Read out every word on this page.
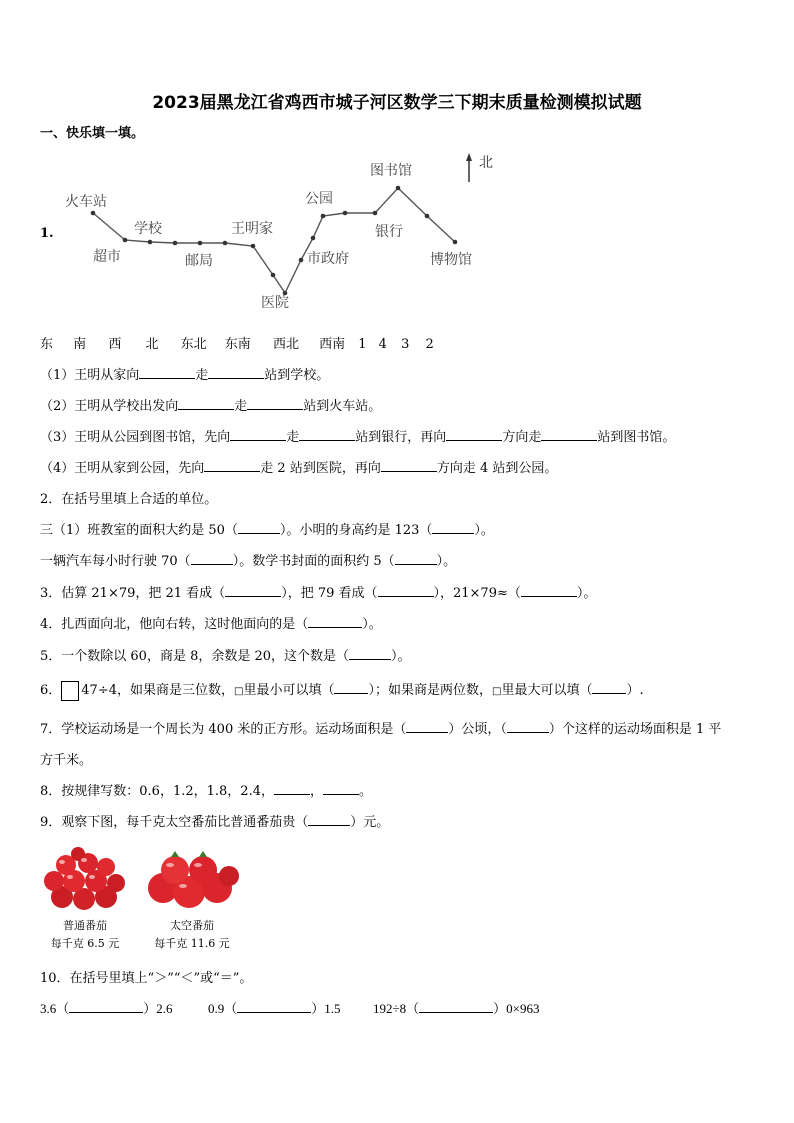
2023届黑龙江省鸡西市城子河区数学三下期末质量检测模拟试题
一、快乐填一填。
1.
火车站
超市
学校
邮局
王明家
医院
市政府
公园
银行
图书馆
博物馆
北
东 南 西 北 东北 东南 西北 西南 1 4 3 2
（1）王明从家向	走	站到学校。
（2）王明从学校出发向	走	站到火车站。
（3）王明从公园到图书馆，先向	走	站到银行，再向	方向走	站到图书馆。
（4）王明从家到公园，先向	走 2 站到医院，再向	方向走 4 站到公园。
2．在括号里填上合适的单位。
三（1）班教室的面积大约是 50（	）。小明的身高约是 123（	）。
一辆汽车每小时行驶 70（	）。数学书封面的面积约 5（	）。
3．估算 21×79，把 21 看成（	），把 79 看成（	），21×79≈（	）。
4．扎西面向北，他向右转，这时他面向的是（	）。
5．一个数除以 60，商是 8，余数是 20，这个数是（	）。
6． 47÷4，如果商是三位数，□里最小可以填（	）；如果商是两位数，□里最大可以填（	）.
7．学校运动场是一个周长为 400 米的正方形。运动场面积是（	）公顷，（	）个这样的运动场面积是 1 平
方千米。
8．按规律写数：0.6，1.2，1.8，2.4，	，	。
9．观察下图，每千克太空番茄比普通番茄贵（	）元。
普通番茄
每千克 6.5 元
太空番茄
每千克 11.6 元
10．在括号里填上“＞”“＜”或“＝”。
3.6（	）2.6	0.9（	）1.5 192÷8（	）0×963
